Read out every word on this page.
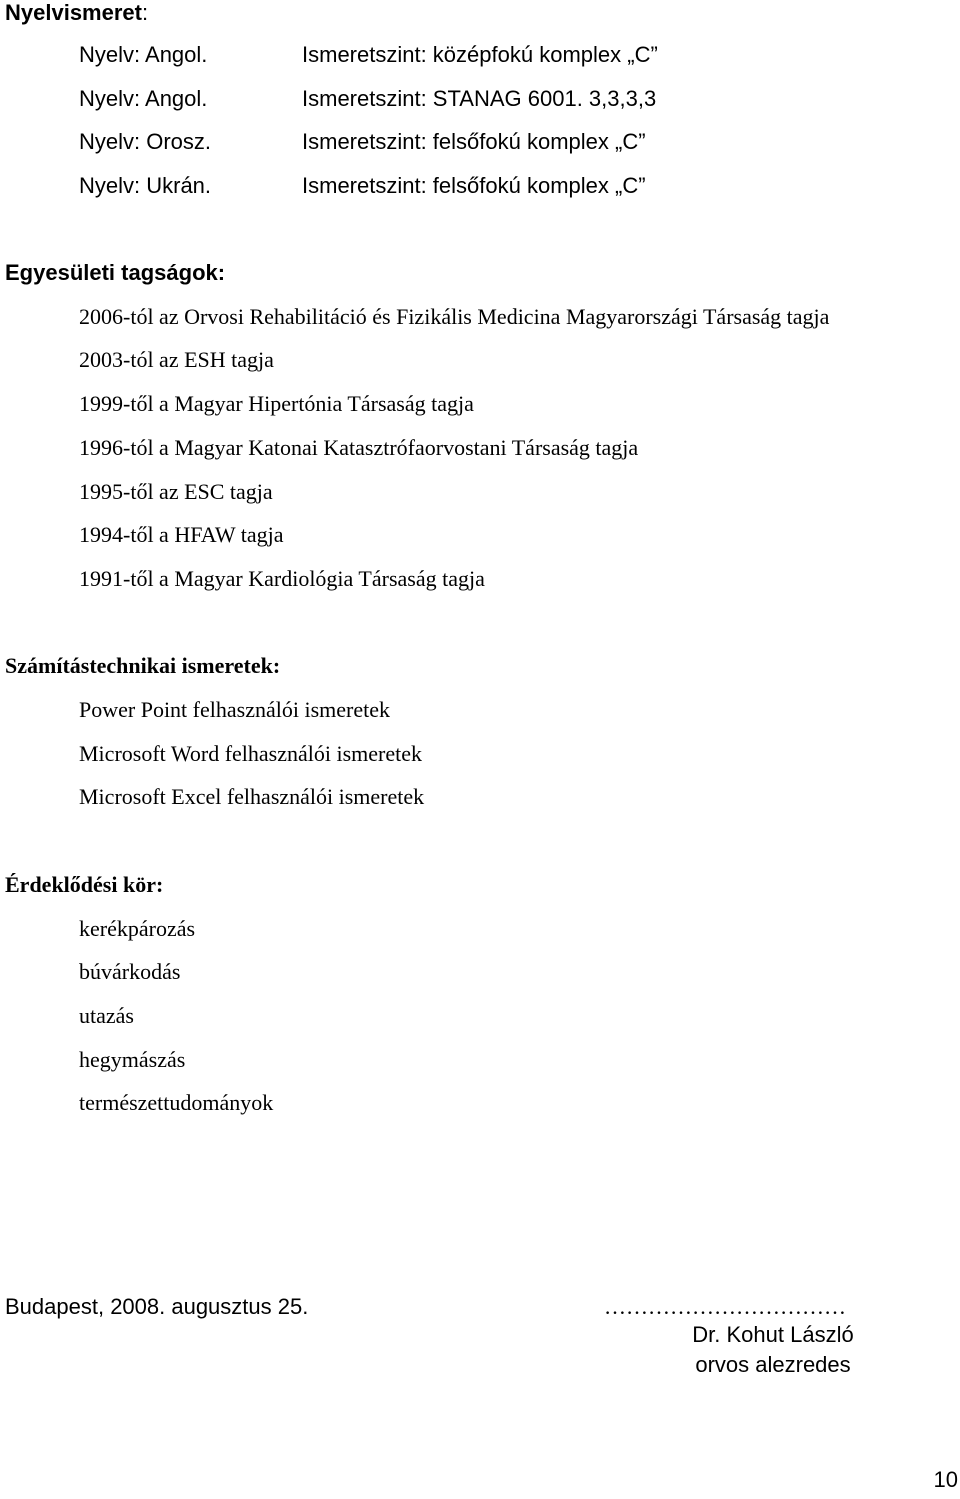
Nyelvismeret:
Nyelv: Angol.	Ismeretszint: középfokú komplex „C”
Nyelv: Angol.	Ismeretszint: STANAG 6001. 3,3,3,3
Nyelv: Orosz.	Ismeretszint: felsőfokú komplex „C”
Nyelv: Ukrán.	Ismeretszint: felsőfokú komplex „C”
Egyesületi tagságok:
2006-tól az Orvosi Rehabilitáció és Fizikális Medicina Magyarországi Társaság tagja
2003-tól az ESH tagja
1999-től a Magyar Hipertónia Társaság tagja
1996-tól a Magyar Katonai Katasztrófaorvostani Társaság tagja
1995-től az ESC tagja
1994-től a HFAW tagja
1991-től a Magyar Kardiológia Társaság tagja
Számítástechnikai ismeretek:
Power Point felhasználói ismeretek
Microsoft Word felhasználói ismeretek
Microsoft Excel felhasználói ismeretek
Érdeklődési kör:
kerékpározás
búvárkodás
utazás
hegymászás
természettudományok
Budapest, 2008. augusztus 25.	……………………………
Dr. Kohut László
orvos alezredes
10
